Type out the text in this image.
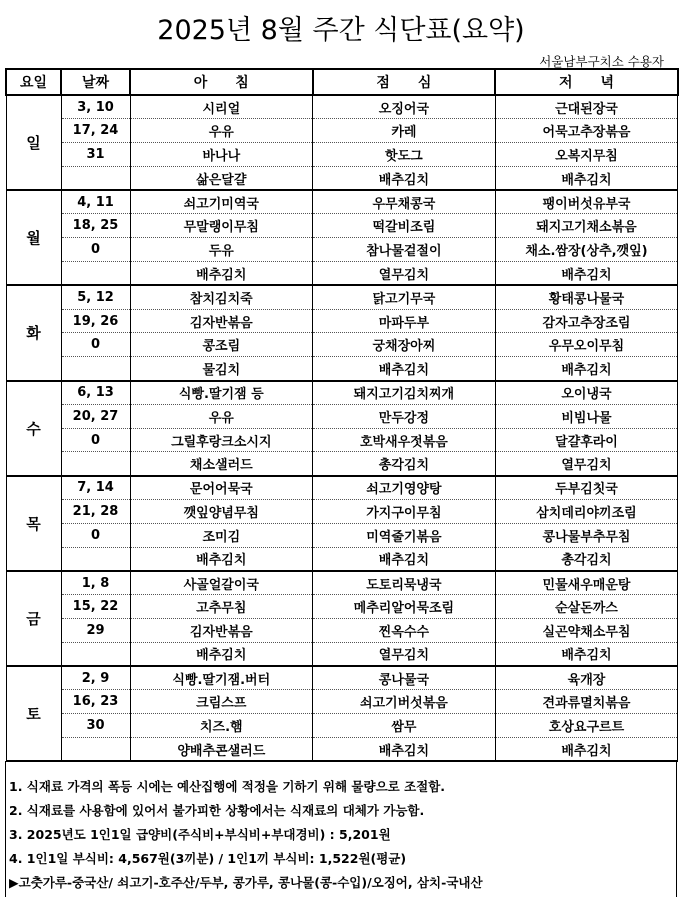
2025년 8월 주간 식단표(요약)
서울남부구치소 수용자
요일	날짜	아　　침	점　　심	저　　녁
일	3, 10	시리얼	오징어국	근대된장국
	17, 24	우유	카레	어묵고추장볶음
	31	바나나	핫도그	오복지무침
		삶은달걀	배추김치	배추김치
월	4, 11	쇠고기미역국	우무채콩국	팽이버섯유부국
	18, 25	무말랭이무침	떡갈비조림	돼지고기채소볶음
	0	두유	참나물겉절이	채소.쌈장(상추,깻잎)
		배추김치	열무김치	배추김치
화	5, 12	참치김치죽	닭고기무국	황태콩나물국
	19, 26	김자반볶음	마파두부	감자고추장조림
	0	콩조림	궁채장아찌	우무오이무침
		물김치	배추김치	배추김치
수	6, 13	식빵.딸기잼 등	돼지고기김치찌개	오이냉국
	20, 27	우유	만두강정	비빔나물
	0	그릴후랑크소시지	호박새우젓볶음	달걀후라이
		채소샐러드	총각김치	열무김치
목	7, 14	문어어묵국	쇠고기영양탕	두부김칫국
	21, 28	깻잎양념무침	가지구이무침	삼치데리야끼조림
	0	조미김	미역줄기볶음	콩나물부추무침
		배추김치	배추김치	총각김치
금	1, 8	사골얼갈이국	도토리묵냉국	민물새우매운탕
	15, 22	고추무침	메추리알어묵조림	순살돈까스
	29	김자반볶음	찐옥수수	실곤약채소무침
		배추김치	열무김치	배추김치
토	2, 9	식빵.딸기잼.버터	콩나물국	육개장
	16, 23	크림스프	쇠고기버섯볶음	견과류멸치볶음
	30	치즈.햄	쌈무	호상요구르트
		양배추콘샐러드	배추김치	배추김치
1. 식재료 가격의 폭등 시에는 예산집행에 적정을 기하기 위해 물량으로 조절함.
2. 식재료를 사용함에 있어서 불가피한 상황에서는 식재료의 대체가 가능함.
3. 2025년도 1인1일 급양비(주식비+부식비+부대경비) : 5,201원
4. 1인1일 부식비: 4,567원(3끼분) / 1인1끼 부식비: 1,522원(평균)
▶고춧가루-중국산/ 쇠고기-호주산/두부, 콩가루, 콩나물(콩-수입)/오징어, 삼치-국내산
